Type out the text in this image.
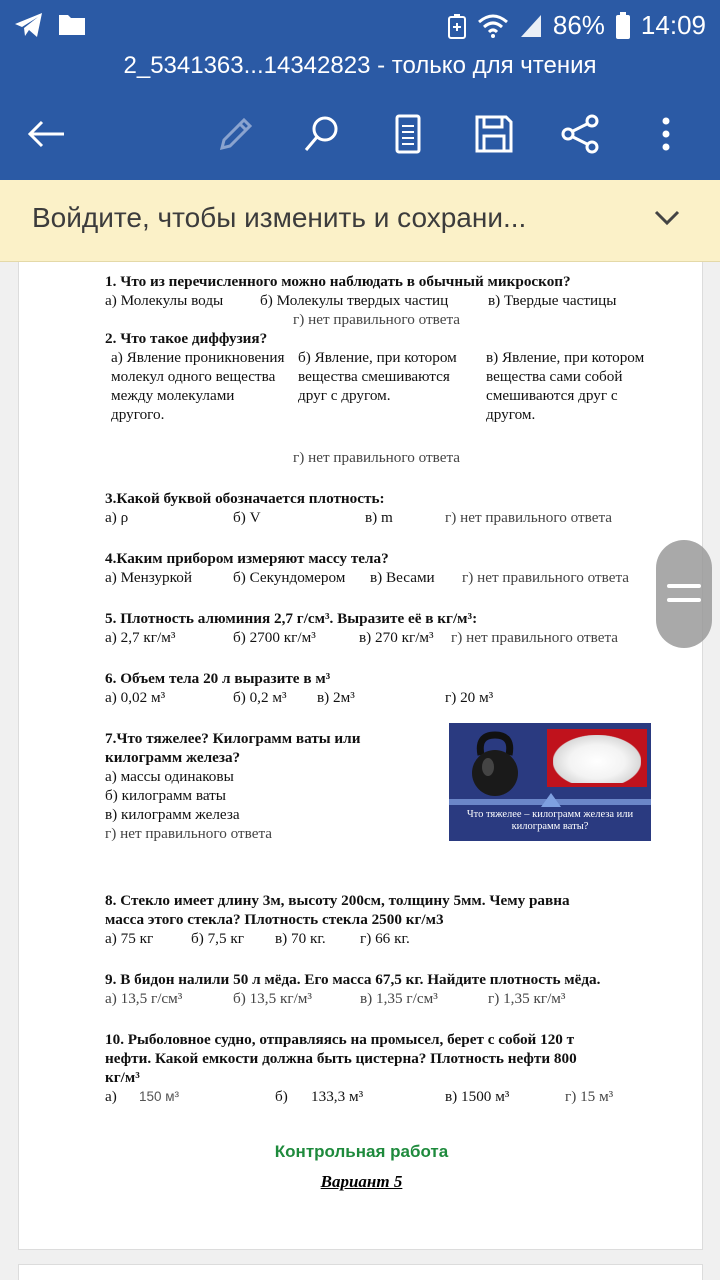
86% 14:09
2_5341363...14342823 - только для чтения
Войдите, чтобы изменить и сохрани...
1. Что из перечисленного можно наблюдать в обычный микроскоп?
а) Молекулы воды б) Молекулы твердых частиц	в) Твердые частицы
г) нет правильного ответа
2. Что такое диффузия?
а) Явление проникновения молекул одного вещества между молекулами другого.
б) Явление, при котором вещества смешиваются друг с другом.
в) Явление, при котором вещества сами собой смешиваются друг с другом.
г) нет правильного ответа
3.Какой буквой обозначается плотность:
а) ρ	б) V	в) m	г) нет правильного ответа
4.Каким прибором измеряют массу тела?
а) Мензуркой	б) Секундомером в) Весами г) нет правильного ответа
5. Плотность алюминия 2,7 г/см³. Выразите её в кг/м³:
а) 2,7 кг/м³	б) 2700 кг/м³	в) 270 кг/м³ г) нет правильного ответа
6. Объем тела 20 л выразите в м³
а) 0,02 м³	б) 0,2 м³ в) 2м³	г) 20 м³
7.Что тяжелее? Килограмм ваты или
килограмм железа?
а) массы одинаковы
б) килограмм ваты
в) килограмм железа
г) нет правильного ответа
Что тяжелее – килограмм железа или килограмм ваты?
8. Стекло имеет длину 3м, высоту 200см, толщину 5мм. Чему равна
масса этого стекла? Плотность стекла 2500 кг/м3
а) 75 кг б) 7,5 кг в) 70 кг. г) 66 кг.
9. В бидон налили 50 л мёда. Его масса 67,5 кг. Найдите плотность мёда.
а) 13,5 г/см³	б) 13,5 кг/м³	в) 1,35 г/см³	г) 1,35 кг/м³
10. Рыболовное судно, отправляясь на промысел, берет с собой 120 т
нефти. Какой емкости должна быть цистерна? Плотность нефти 800
кг/м³
а) 150 м³	б) 133,3 м³	в) 1500 м³	г) 15 м³
Контрольная работа
Вариант 5
